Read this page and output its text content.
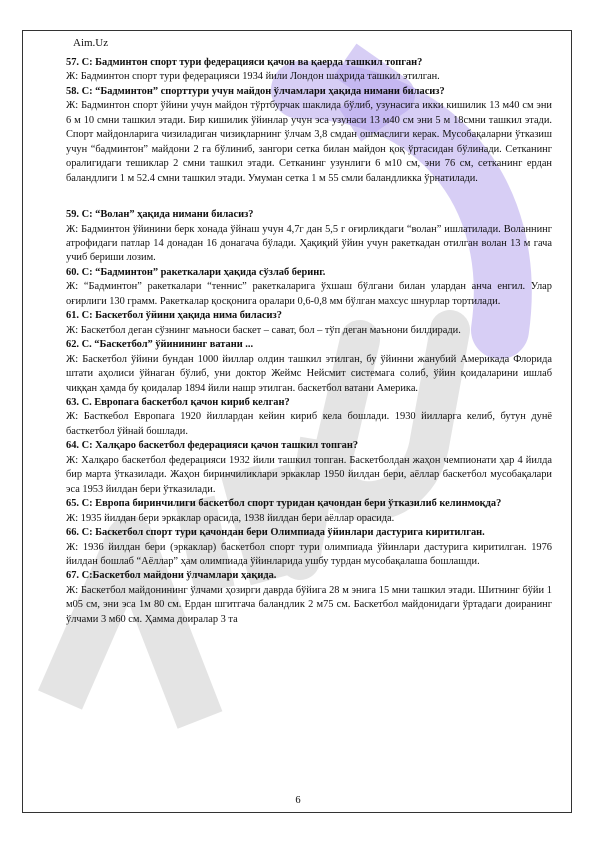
Aim.Uz

57. С: Бадминтон спорт тури федерацияси қачон ва қаерда ташкил топган?

Ж: Бадминтон спорт тури федерацияси 1934 йили Лондон шаҳрида ташкил этилган.

58. С: “Бадминтон” спорттури учун майдон ўлчамлари ҳақида нимани биласиз?

Ж: Бадминтон спорт ўйини учун майдон тўртбурчак шаклида бўлиб, узунасига икки кишилик 13 м40 см эни 6 м 10 смни ташкил этади. Бир кишилик ўйинлар учун эса узунаси 13 м40 см эни 5 м 18смни ташкил этади. Спорт майдонларига чизиладиган чизиқларнинг ўлчам 3,8 смдан ошмаслиги керак. Мусобақаларни ўтказиш учун “бадминтон” майдони 2 га бўлиниб, зангори сетка билан майдон қоқ ўртасидан бўлинади. Сетканинг оралигидаги тешиклар 2 смни ташкил этади. Сетканинг узунлиги 6 м10 см, эни 76 см, сетканинг ердан баландлиги 1 м 52.4 смни ташкил этади. Умуман сетка 1 м 55 смли баландликка ўрнатилади.

59. С: “Волан” ҳақида нимани биласиз?

Ж: Бадминтон ўйинини берк хонада ўйнаш учун 4,7г дан 5,5 г оғирликдаги “волан” ишлатилади. Воланнинг атрофидаги патлар 14 донадан 16 донагача бўлади. Ҳақиқий ўйин учун ракеткадан отилган волан 13 м гача учиб бериши лозим.

60. С: “Бадминтон” ракеткалари ҳақида сўзлаб беринг.

Ж: “Бадминтон” ракеткалари “теннис” ракеткаларига ўхшаш бўлгани билан улардан анча енгил. Улар оғирлиги 130 грамм. Ракеткалар қосқонига оралари 0,6-0,8 мм бўлган махсус шнурлар тортилади.

61. С: Баскетбол ўйини ҳақида нима биласиз?

Ж: Баскетбол деган сўзнинг маъноси баскет – сават, бол – тўп деган маънони билдиради.

62. С. “Баскетбол” ўйинининг ватани ...

Ж: Баскетбол ўйини бундан 1000 йиллар олдин ташкил этилган, бу ўйинни жанубий Америкада Флорида штати аҳолиси ўйнаган бўлиб, уни доктор Жеймс Нейсмит системага солиб, ўйин қоидаларини ишлаб чиққан ҳамда бу қоидалар 1894 йили нашр этилган. баскетбол ватани Америка.

63. С. Европага баскетбол қачон кириб келган?

Ж: Басткебол Европага 1920 йиллардан кейин кириб кела бошлади. 1930 йилларга келиб, бутун дунё басткетбол ўйнай бошлади.

64. С: Халқаро баскетбол федерацияси қачон ташкил топган?

Ж: Халқаро баскетбол федерацияси 1932 йили ташкил топган. Баскетболдан жаҳон чемпионати ҳар 4 йилда бир марта ўтказилади. Жаҳон биринчиликлари эркаклар 1950 йилдан бери, аёллар баскетбол мусобақалари эса 1953 йилдан бери ўтказилади.

65. С: Европа биринчилиги баскетбол спорт туридан қачондан бери ўтказилиб келинмоқда?

Ж: 1935 йилдан бери эркаклар орасида, 1938 йилдан бери аёллар орасида.

66. С: Баскетбол спорт тури қачондан бери Олимпиада ўйинлари дастурига киритилган.

Ж: 1936 йилдан бери (эркаклар) баскетбол спорт тури олимпиада ўйинлари дастурига киритилган. 1976 йилдан бошлаб “Аёллар” ҳам олимпиада ўйинларида ушбу турдан мусобақалашa бошлашди.

67. С:Баскетбол майдони ўлчамлари ҳақида.

Ж: Баскетбол майдонининг ўлчами ҳозирги даврда бўйига 28 м энига 15 мни ташкил этади. Шитнинг бўйи 1 м05 см, эни эса 1м 80 см. Ердан шгитгача баландлик 2 м75 см. Баскетбол майдонидаги ўртадаги доиранинг ўлчами 3 м60 см. Ҳамма доиралар 3 та

6
